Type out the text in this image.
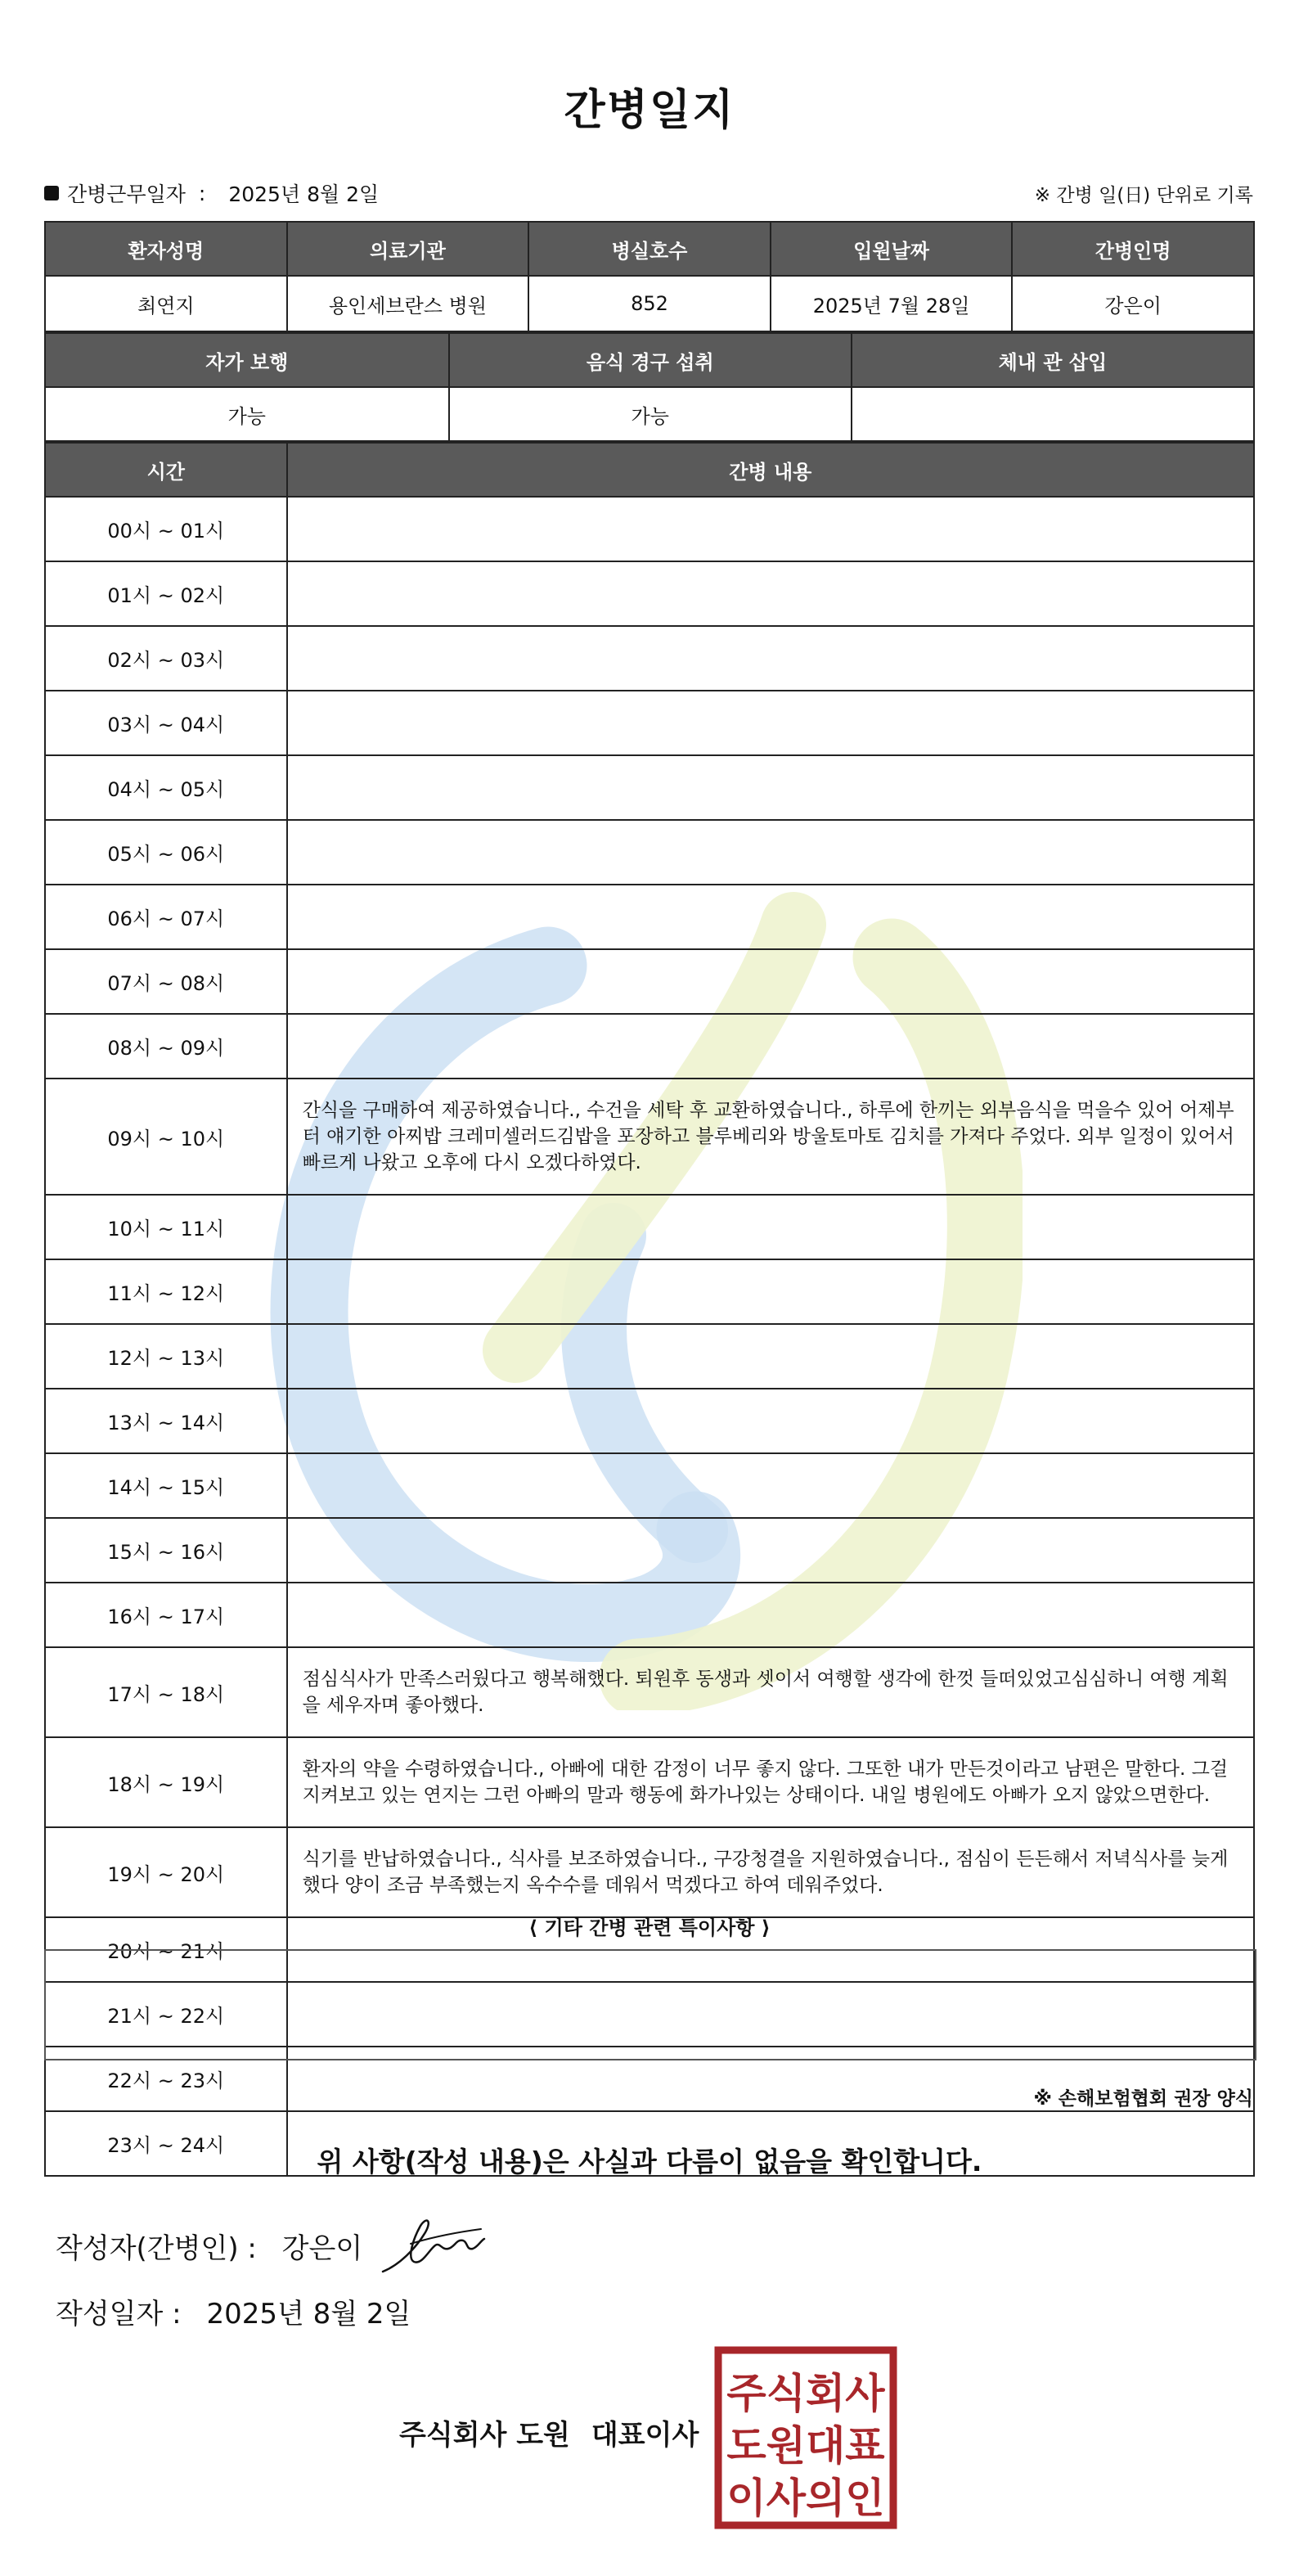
간병일지
간병근무일자 : 2025년 8월 2일	※ 간병 일(日) 단위로 기록
환자성명	의료기관	병실호수	입원날짜	간병인명
최연지	용인세브란스 병원	852	2025년 7월 28일	강은이
자가 보행	음식 경구 섭취	체내 관 삽입
가능	가능	
시간	간병 내용
00시 ~ 01시	
01시 ~ 02시	
02시 ~ 03시	
03시 ~ 04시	
04시 ~ 05시	
05시 ~ 06시	
06시 ~ 07시	
07시 ~ 08시	
08시 ~ 09시	
09시 ~ 10시	간식을 구매하여 제공하였습니다., 수건을 세탁 후 교환하였습니다., 하루에 한끼는 외부음식을 먹을수 있어 어제부터 얘기한 아찌밥 크레미셀러드김밥을 포장하고 블루베리와 방울토마토 김치를 가져다 주었다. 외부 일정이 있어서 빠르게 나왔고 오후에 다시 오겠다하였다.
10시 ~ 11시	
11시 ~ 12시	
12시 ~ 13시	
13시 ~ 14시	
14시 ~ 15시	
15시 ~ 16시	
16시 ~ 17시	
17시 ~ 18시	점심식사가 만족스러웠다고 행복해했다. 퇴원후 동생과 셋이서 여행할 생각에 한껏 들떠있었고심심하니 여행 계획을 세우자며 좋아했다.
18시 ~ 19시	환자의 약을 수령하였습니다., 아빠에 대한 감정이 너무 좋지 않다. 그또한 내가 만든것이라고 남편은 말한다. 그걸 지켜보고 있는 연지는 그런 아빠의 말과 행동에 화가나있는 상태이다. 내일 병원에도 아빠가 오지 않았으면한다.
19시 ~ 20시	식기를 반납하였습니다., 식사를 보조하였습니다., 구강청결을 지원하였습니다., 점심이 든든해서 저녁식사를 늦게했다 양이 조금 부족했는지 옥수수를 데워서 먹겠다고 하여 데워주었다.
20시 ~ 21시	
21시 ~ 22시	
22시 ~ 23시	
23시 ~ 24시	
⟨ 기타 간병 관련 특이사항 ⟩
※ 손해보험협회 권장 양식
위 사항(작성 내용)은 사실과 다름이 없음을 확인합니다.
작성자(간병인) : 강은이
작성일자 : 2025년 8월 2일
주식회사 도원 대표이사
주식회사
도원대표
이사의인
